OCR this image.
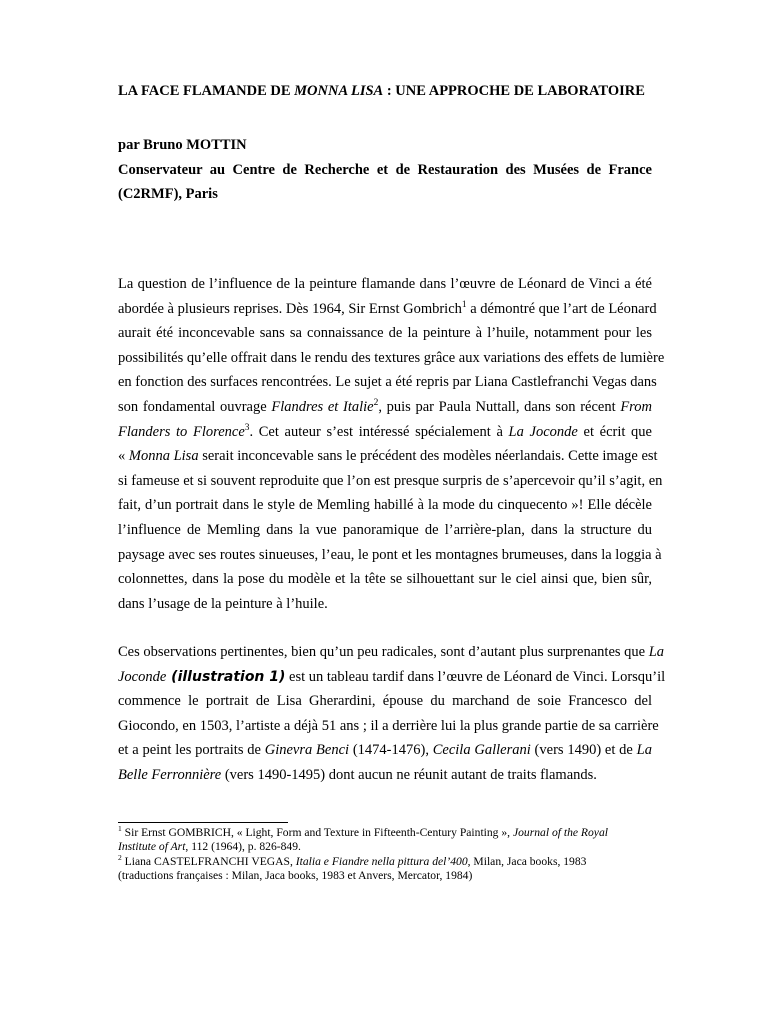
LA FACE FLAMANDE DE MONNA LISA : UNE APPROCHE DE LABORATOIRE
par Bruno MOTTIN
Conservateur au Centre de Recherche et de Restauration des Musées de France
(C2RMF), Paris
La question de l’influence de la peinture flamande dans l’œuvre de Léonard de Vinci a été
abordée à plusieurs reprises. Dès 1964, Sir Ernst Gombrich$^1$ a démontré que l’art de Léonard
aurait été inconcevable sans sa connaissance de la peinture à l’huile, notamment pour les
possibilités qu’elle offrait dans le rendu des textures grâce aux variations des effets de lumière
en fonction des surfaces rencontrées. Le sujet a été repris par Liana Castlefranchi Vegas dans
son fondamental ouvrage Flandres et Italie$^2$, puis par Paula Nuttall, dans son récent From
Flanders to Florence$^3$. Cet auteur s’est intéressé spécialement à La Joconde et écrit que
« Monna Lisa serait inconcevable sans le précédent des modèles néerlandais. Cette image est
si fameuse et si souvent reproduite que l’on est presque surpris de s’apercevoir qu’il s’agit, en
fait, d’un portrait dans le style de Memling habillé à la mode du cinquecento »! Elle décèle
l’influence de Memling dans la vue panoramique de l’arrière-plan, dans la structure du
paysage avec ses routes sinueuses, l’eau, le pont et les montagnes brumeuses, dans la loggia à
colonnettes, dans la pose du modèle et la tête se silhouettant sur le ciel ainsi que, bien sûr,
dans l’usage de la peinture à l’huile.
Ces observations pertinentes, bien qu’un peu radicales, sont d’autant plus surprenantes que La
Joconde (illustration 1) est un tableau tardif dans l’œuvre de Léonard de Vinci. Lorsqu’il
commence le portrait de Lisa Gherardini, épouse du marchand de soie Francesco del
Giocondo, en 1503, l’artiste a déjà 51 ans ; il a derrière lui la plus grande partie de sa carrière
et a peint les portraits de Ginevra Benci (1474-1476), Cecila Gallerani (vers 1490) et de La
Belle Ferronnière (vers 1490-1495) dont aucun ne réunit autant de traits flamands.
$^1$ Sir Ernst GOMBRICH, « Light, Form and Texture in Fifteenth-Century Painting », Journal of the Royal
Institute of Art, 112 (1964), p. 826-849.
$^2$ Liana CASTELFRANCHI VEGAS, Italia e Fiandre nella pittura del’400, Milan, Jaca books, 1983
(traductions françaises : Milan, Jaca books, 1983 et Anvers, Mercator, 1984)
